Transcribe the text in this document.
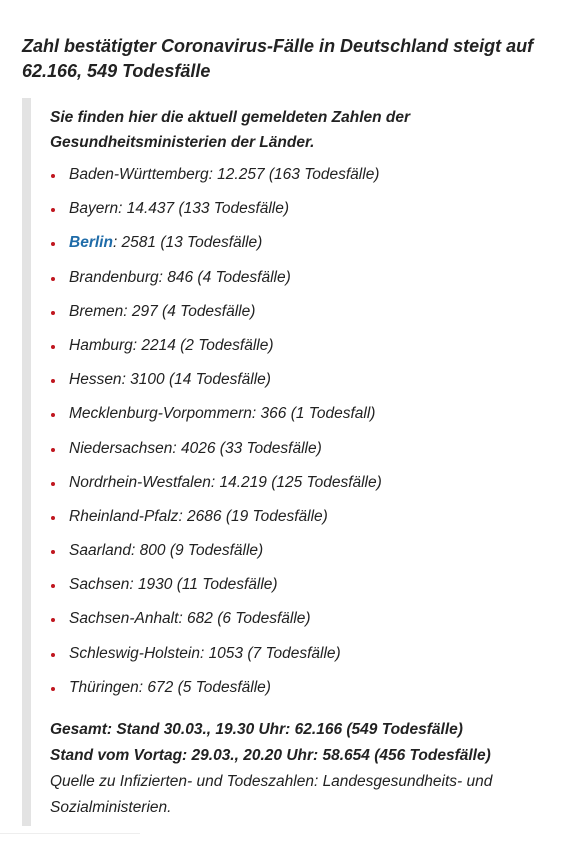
Zahl bestätigter Coronavirus-Fälle in Deutschland steigt auf 62.166, 549 Todesfälle

Sie finden hier die aktuell gemeldeten Zahlen der Gesundheitsministerien der Länder.

Baden-Württemberg: 12.257 (163 Todesfälle)
Bayern: 14.437 (133 Todesfälle)
Berlin: 2581 (13 Todesfälle)
Brandenburg: 846 (4 Todesfälle)
Bremen: 297 (4 Todesfälle)
Hamburg: 2214 (2 Todesfälle)
Hessen: 3100 (14 Todesfälle)
Mecklenburg-Vorpommern: 366 (1 Todesfall)
Niedersachsen: 4026 (33 Todesfälle)
Nordrhein-Westfalen: 14.219 (125 Todesfälle)
Rheinland-Pfalz: 2686 (19 Todesfälle)
Saarland: 800 (9 Todesfälle)
Sachsen: 1930 (11 Todesfälle)
Sachsen-Anhalt: 682 (6 Todesfälle)
Schleswig-Holstein: 1053 (7 Todesfälle)
Thüringen: 672 (5 Todesfälle)
Gesamt: Stand 30.03., 19.30 Uhr: 62.166 (549 Todesfälle)
Stand vom Vortag: 29.03., 20.20 Uhr: 58.654 (456 Todesfälle)
Quelle zu Infizierten- und Todeszahlen: Landesgesundheits- und Sozialministerien.
